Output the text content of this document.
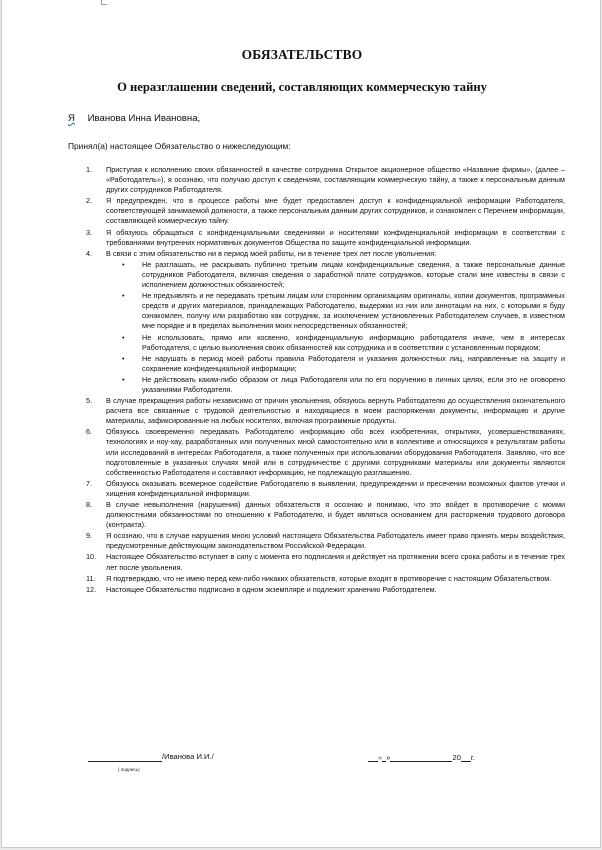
ОБЯЗАТЕЛЬСТВО
О неразглашении сведений, составляющих коммерческую тайну
Я Иванова Инна Ивановна,
Принял(а) настоящее Обязательство о нижеследующим:
1. Приступая к исполнению своих обязанностей в качестве сотрудника Открытое акционерное общество «Название фирмы», (далее – «Работодатель»), я осознаю, что получаю доступ к сведениям, составляющим коммерческую тайну, а также к персональным данным других сотрудников Работодателя.
2. Я предупрежден, что в процессе работы мне будет предоставлен доступ к конфиденциальной информации Работодателя, соответствующей занимаемой должности, а также персональным данным других сотрудников, и ознакомлен с Перечнем информации, составляющей коммерческую тайну.
3. Я обязуюсь обращаться с конфиденциальными сведениями и носителями конфиденциальной информации в соответствии с требованиями внутренних нормативных документов Общества по защите конфиденциальной информации.
4. В связи с этим обязательство ни в период моей работы, ни в течение трех лет после увольнения:
• Не разглашать, не раскрывать публично третьим лицам конфиденциальные сведения, а также персональные данные сотрудников Работодателя, включая сведения о заработной плате сотрудников, которые стали мне известны в связи с исполнением должностных обязанностей;
• Не предъявлять и не передавать третьим лицам или сторонним организациям оригиналы, копии документов, программных средств и других материалов, принадлежащих Работодателю, выдержки из них или аннотации на них, с которыми я буду ознакомлен, получу или разработаю как сотрудник, за исключением установленных Работодателем случаев, в известном мне порядке и в пределах выполнения моих непосредственных обязанностей;
• Не использовать, прямо или косвенно, конфиденциальную информацию работодателя иначе, чем в интересах Работодателя, с целью выполнения своих обязанностей как сотрудника и в соответствии с установленным порядком;
• Не нарушать в период моей работы правила Работодателя и указания должностных лиц, направленные на защиту и сохранение конфиденциальной информации;
• Не действовать каким-либо образом от лица Работодателя или по его поручению в личных целях, если это не оговорено указаниями Работодателя.
5. В случае прекращения работы независимо от причин увольнения, обязуюсь вернуть Работодателю до осуществления окончательного расчета все связанные с трудовой деятельностью и находящиеся в моем распоряжении документы, информацию и другие материалы, зафиксированные на любых носителях, включая программные продукты.
6. Обязуюсь своевременно передавать Работодателю информацию обо всех изобретениях, открытиях, усовершенствованиях, технологиях и ноу-хау, разработанных или полученных мной самостоятельно или в коллективе и относящихся к результатам работы или исследований в интересах Работодателя, а также полученных при использовании оборудования Работодателя. Заявляю, что все подготовленные в указанных случаях мной или в сотрудничестве с другими сотрудниками материалы или документы являются собственностью Работодателя и составляют информацию, не подлежащую разглашению.
7. Обязуюсь оказывать всемерное содействие Работодателю в выявлении, предупреждении и пресечении возможных фактов утечки и хищения конфиденциальной информации.
8. В случае невыполнения (нарушения) данных обязательств я осознаю и понимаю, что это войдет в противоречие с моими должностными обязанностями по отношению к Работодателю, и будет являться основанием для расторжения трудового договора (контракта).
9. Я осознаю, что в случае нарушения мною условий настоящего Обязательства Работодатель имеет право принять меры воздействия, предусмотренные действующим законодательством Российской Федерации.
10. Настоящее Обязательство вступает в силу с момента его подписания и действует на протяжении всего срока работы и в течение трех лет после увольнения.
11. Я подтверждаю, что не имею перед кем-либо никаких обязательств, которые входят в противоречие с настоящим Обязательством.
12. Настоящее Обязательство подписано в одном экземпляре и подлежит хранению Работодателем.
/Иванова И.И./
( подпись)
« »	20 г.
